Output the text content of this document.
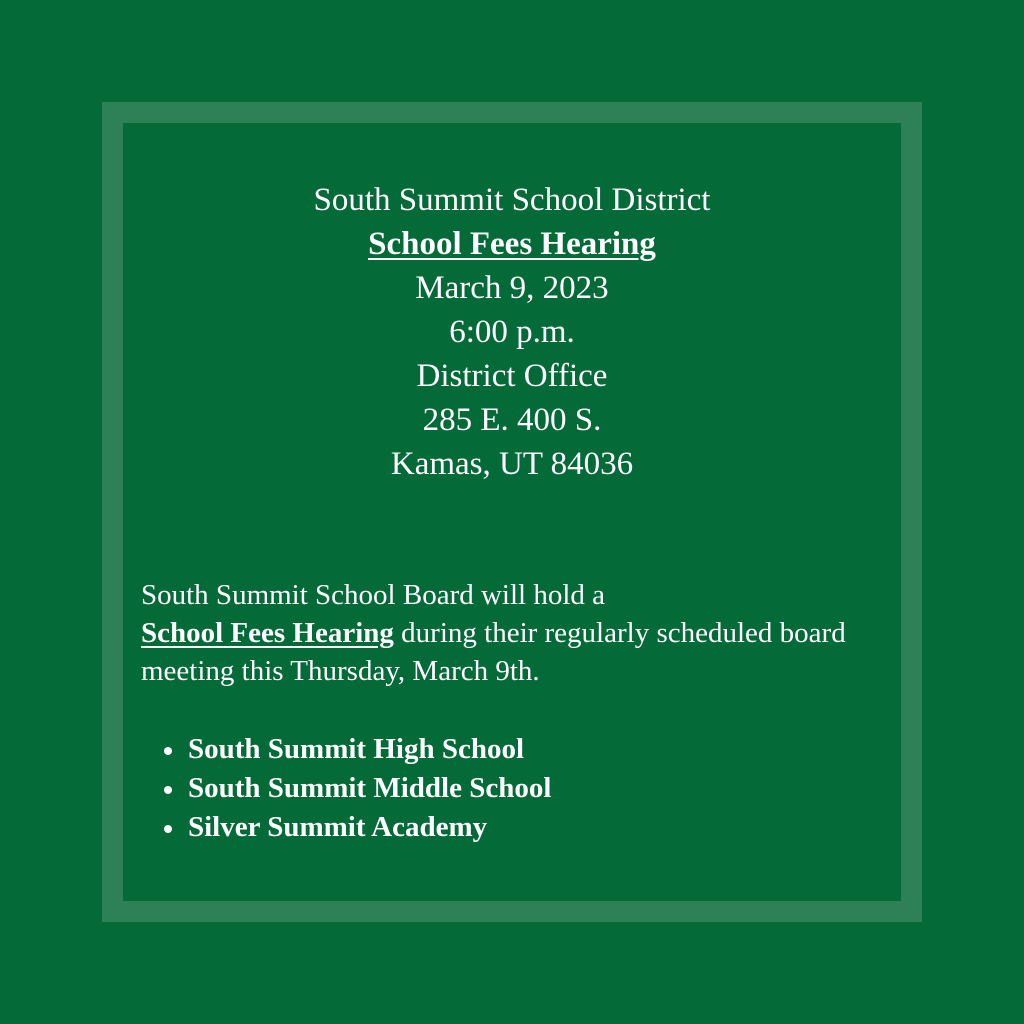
South Summit School District
School Fees Hearing
March 9, 2023
6:00 p.m.
District Office
285 E. 400 S.
Kamas, UT 84036

South Summit School Board will hold a
School Fees Hearing during their regularly scheduled board meeting this Thursday, March 9th.

South Summit High School
South Summit Middle School
Silver Summit Academy
